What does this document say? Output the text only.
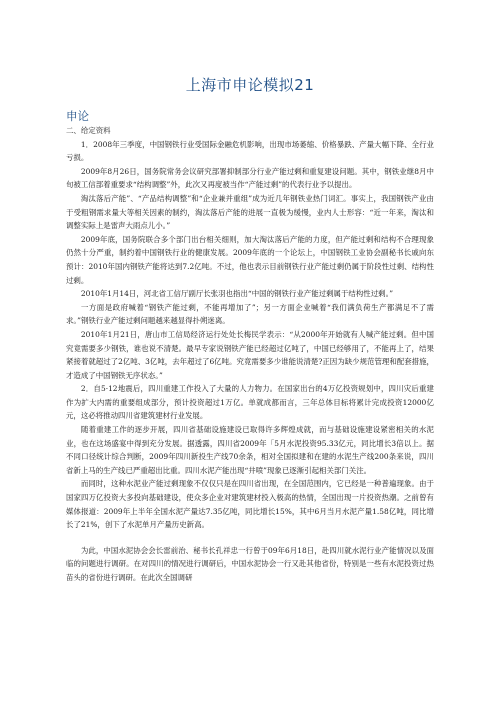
上海市申论模拟21
申论

二、给定资料

1．2008年三季度，中国钢铁行业受国际金融危机影响，出现市场萎缩、价格暴跌、产量大幅下降、全行业亏损。

2009年8月26日，国务院常务会议研究部署抑制部分行业产能过剩和重复建设问题。其中，钢铁业继8月中旬被工信部着重要求“结构调整”外，此次又再度被当作“产能过剩”的代表行业予以提出。

淘汰落后产能”、“产品结构调整”和“企业兼并重组”成为近几年钢铁业热门词汇。事实上，我国钢铁产业由于受粗钢需求量大等相关因素的制约，淘汰落后产能的进展一直极为缓慢，业内人士形容：“近一年来，淘汰和调整实际上是雷声大雨点儿小。”

2009年底，国务院联合多个部门出台相关细则，加大淘汰落后产能的力度，但产能过剩和结构不合理现象仍然十分严重，制约着中国钢铁行业的健康发展。2009年底的一个论坛上，中国钢铁工业协会副秘书长戚向东预计：2010年国内钢铁产能将达到7.2亿吨。不过，他也表示目前钢铁行业产能过剩仍属于阶段性过剩、结构性过剩。

2010年1月14日，河北省工信厅副厅长张羽也指出“中国的钢铁行业产能过剩属于结构性过剩。”

一方面是政府喊着“钢铁产能过剩，不能再增加了”；另一方面企业喊着“我们满负荷生产都满足不了需求。”钢铁行业产能过剩问题越来越显得扑朔迷离。

2010年1月21日，唐山市工信局经济运行处处长梅民学表示：“从2000年开始就有人喊产能过剩。但中国究竟需要多少钢铁，谁也说不清楚。最早专家说钢铁产能已经超过亿吨了，中国已经够用了，不能再上了，结果紧接着就超过了2亿吨、3亿吨，去年超过了6亿吨。究竟需要多少谁能说清楚?正因为缺少规范管理和配套措施，才造成了中国钢铁无序状态。”

2．自5·12地震后，四川重建工作投入了大量的人力物力。在国家出台的4万亿投资规划中，四川灾后重建作为扩大内需的重要组成部分，预计投资超过1万亿。单就成都而言，三年总体目标将累计完成投资12000亿元，这必将推动四川省建筑建材行业发展。

随着重建工作的逐步开展，四川省基础设施建设已取得许多辉煌成就，而与基础设施建设紧密相关的水泥业，也在这场盛宴中得到充分发展。据透露，四川省2009年「5月水泥投资95.33亿元，同比增长3倍以上。据不同口径统计综合判断，2009年四川新投生产线70余条，相对全国拟建和在建的水泥生产线200条来说，四川省新上马的生产线已严重超出比重。四川水泥产能出现“井喷”现象已逐渐引起相关部门关注。

而同时，这种水泥业产能过剩现象不仅仅只是在四川省出现，在全国范围内，它已经是一种普遍现象。由于国家四万亿投资大多投向基础建设，使众多企业对建筑建材投入极高的热情，全国出现一片投资热潮。之前曾有媒体报道：2009年上半年全国水泥产量达7.35亿吨，同比增长15%，其中6月当月水泥产量1.58亿吨，同比增长了21%，创下了水泥单月产量历史新高。

为此，中国水泥协会会长雷前治、秘书长孔祥忠一行曾于09年6月18日，赴四川就水泥行业产能情况以及面临的问题进行调研。在对四川的情况进行调研后，中国水泥协会一行又赴其他省份，特别是一些有水泥投资过热苗头的省份进行调研。在此次全国调研
